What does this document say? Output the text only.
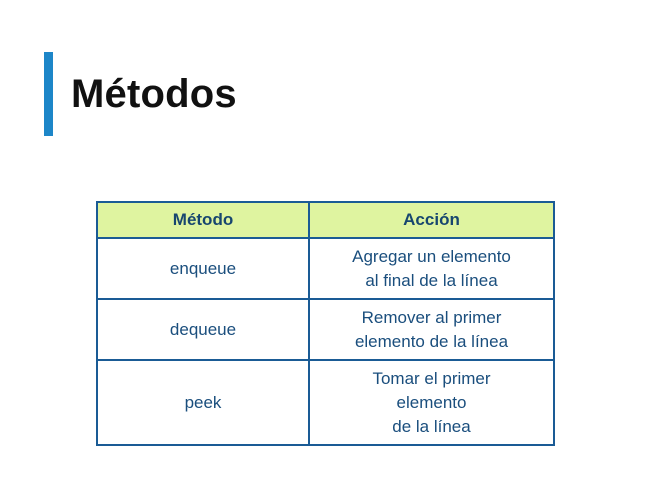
Métodos
Método	Acción
enqueue	Agregar un elemento
al final de la línea
dequeue	Remover al primer
elemento de la línea
peek	Tomar el primer
elemento
de la línea
